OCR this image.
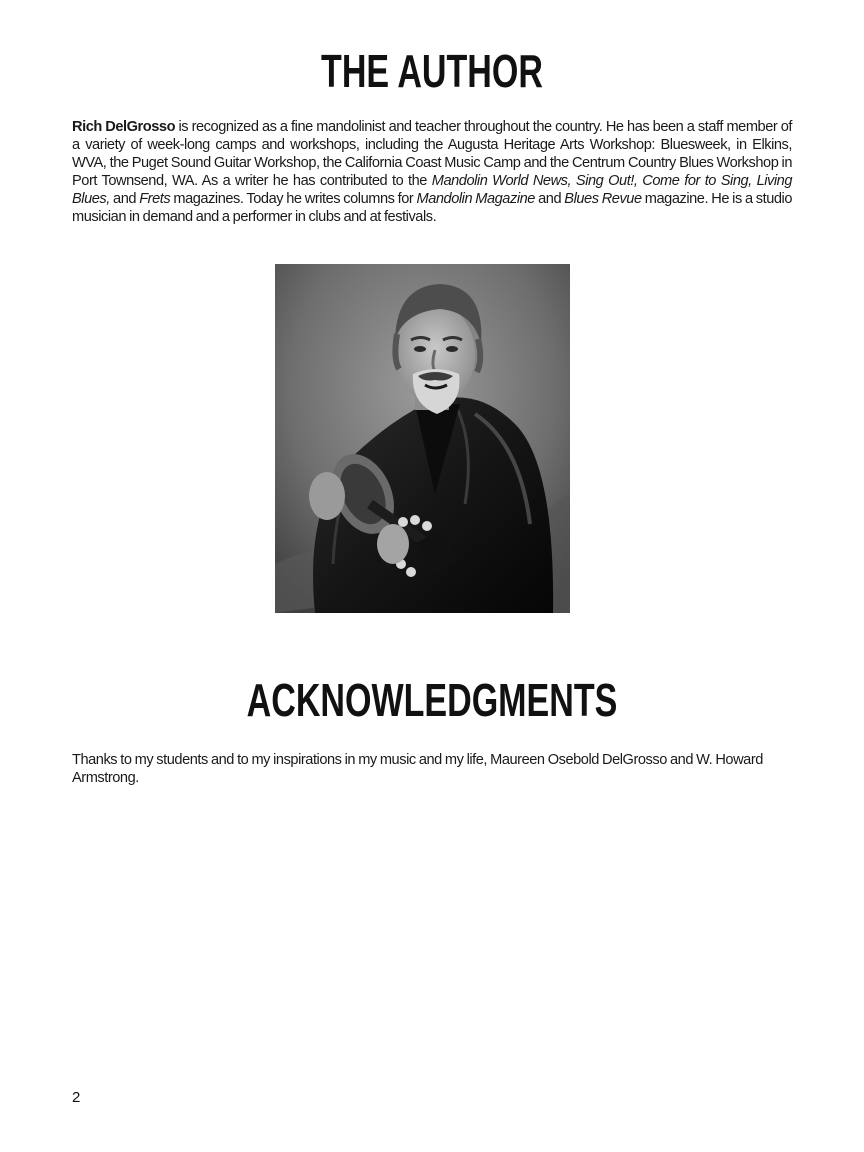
THE AUTHOR

Rich DelGrosso is recognized as a fine mandolinist and teacher throughout the country. He has been a staff member of a variety of week-long camps and workshops, including the Augusta Heritage Arts Workshop: Bluesweek, in Elkins, WVA, the Puget Sound Guitar Workshop, the California Coast Music Camp and the Centrum Country Blues Workshop in Port Townsend, WA. As a writer he has contributed to the Mandolin World News, Sing Out!, Come for to Sing, Living Blues, and Frets magazines. Today he writes columns for Mandolin Magazine and Blues Revue magazine. He is a studio musician in demand and a performer in clubs and at festivals.

ACKNOWLEDGMENTS

Thanks to my students and to my inspirations in my music and my life, Maureen Osebold DelGrosso and W. Howard Armstrong.

2
